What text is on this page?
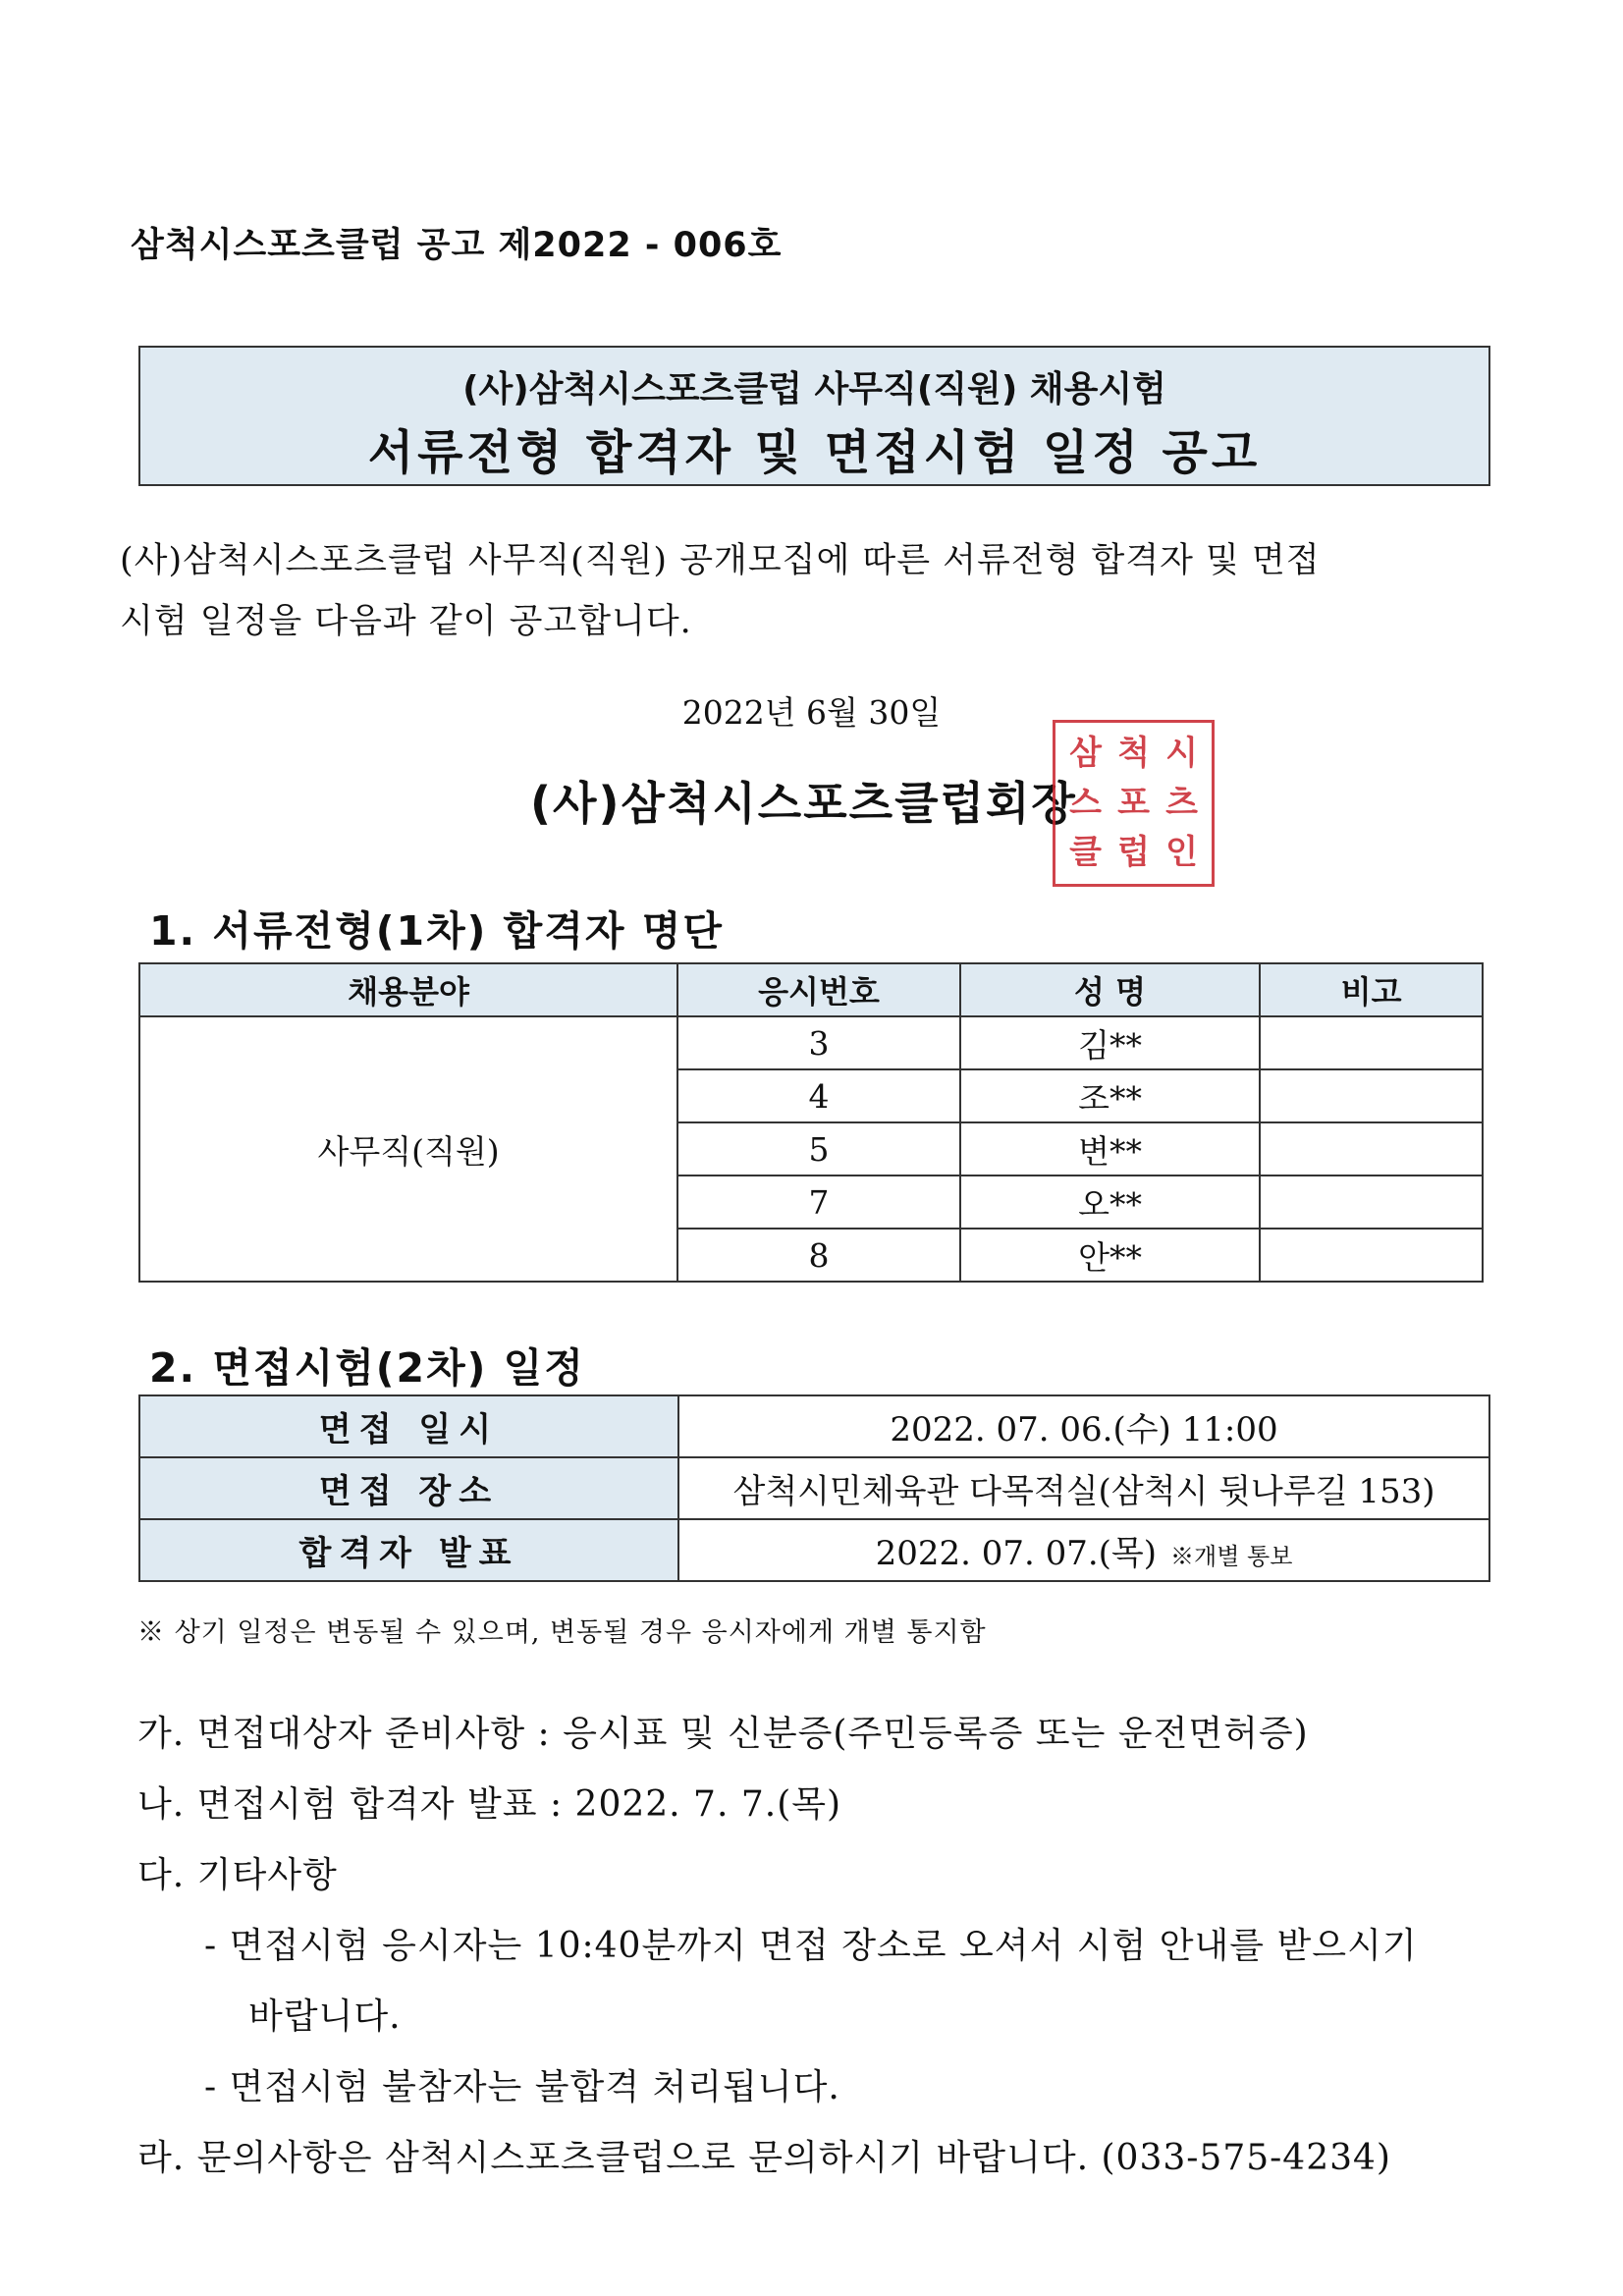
삼척시스포츠클럽 공고 제2022 - 006호
(사)삼척시스포츠클럽 사무직(직원) 채용시험
서류전형 합격자 및 면접시험 일정 공고
(사)삼척시스포츠클럽 사무직(직원) 공개모집에 따른 서류전형 합격자 및 면접
시험 일정을 다음과 같이 공고합니다.
2022년 6월 30일
(사)삼척시스포츠클럽회장
삼 척 시
스 포 츠
클 럽 인
1. 서류전형(1차) 합격자 명단
채용분야	응시번호	성 명	비고
사무직(직원)	3	김**	
	4	조**	
	5	변**	
	7	오**	
	8	안**	
2. 면접시험(2차) 일정
면접 일시	2022. 07. 06.(수) 11:00
면접 장소	삼척시민체육관 다목적실(삼척시 뒷나루길 153)
합격자 발표	2022. 07. 07.(목) ※개별 통보
※ 상기 일정은 변동될 수 있으며, 변동될 경우 응시자에게 개별 통지함
가. 면접대상자 준비사항 : 응시표 및 신분증(주민등록증 또는 운전면허증)
나. 면접시험 합격자 발표 : 2022. 7. 7.(목)
다. 기타사항
- 면접시험 응시자는 10:40분까지 면접 장소로 오셔서 시험 안내를 받으시기
바랍니다.
- 면접시험 불참자는 불합격 처리됩니다.
라. 문의사항은 삼척시스포츠클럽으로 문의하시기 바랍니다. (033-575-4234)
